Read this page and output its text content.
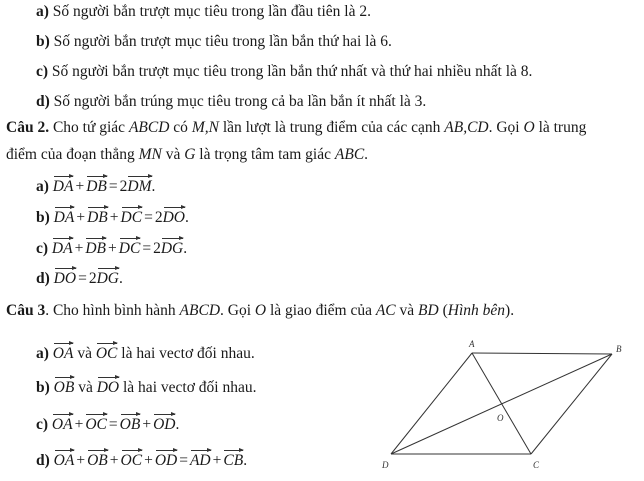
a) Số người bắn trượt mục tiêu trong lần đầu tiên là 2.
b) Số người bắn trượt mục tiêu trong lần bắn thứ hai là 6.
c) Số người bắn trượt mục tiêu trong lần bắn thứ nhất và thứ hai nhiều nhất là 8.
d) Số người bắn trúng mục tiêu trong cả ba lần bắn ít nhất là 3.
Câu 2. Cho tứ giác ABCD có M,N lần lượt là trung điểm của các cạnh AB,CD. Gọi O là trung
điểm của đoạn thẳng MN và G là trọng tâm tam giác ABC.
a) DA + DB = 2DM.
b) DA + DB + DC = 2DO.
c) DA + DB + DC = 2DG.
d) DO = 2DG.
Câu 3. Cho hình bình hành ABCD. Gọi O là giao điểm của AC và BD (Hình bên).
a) OA và OC là hai vectơ đối nhau.
b) OB và DO là hai vectơ đối nhau.
c) OA + OC = OB + OD.
d) OA + OB + OC + OD = AD + CB.
A	B
C
D
O
